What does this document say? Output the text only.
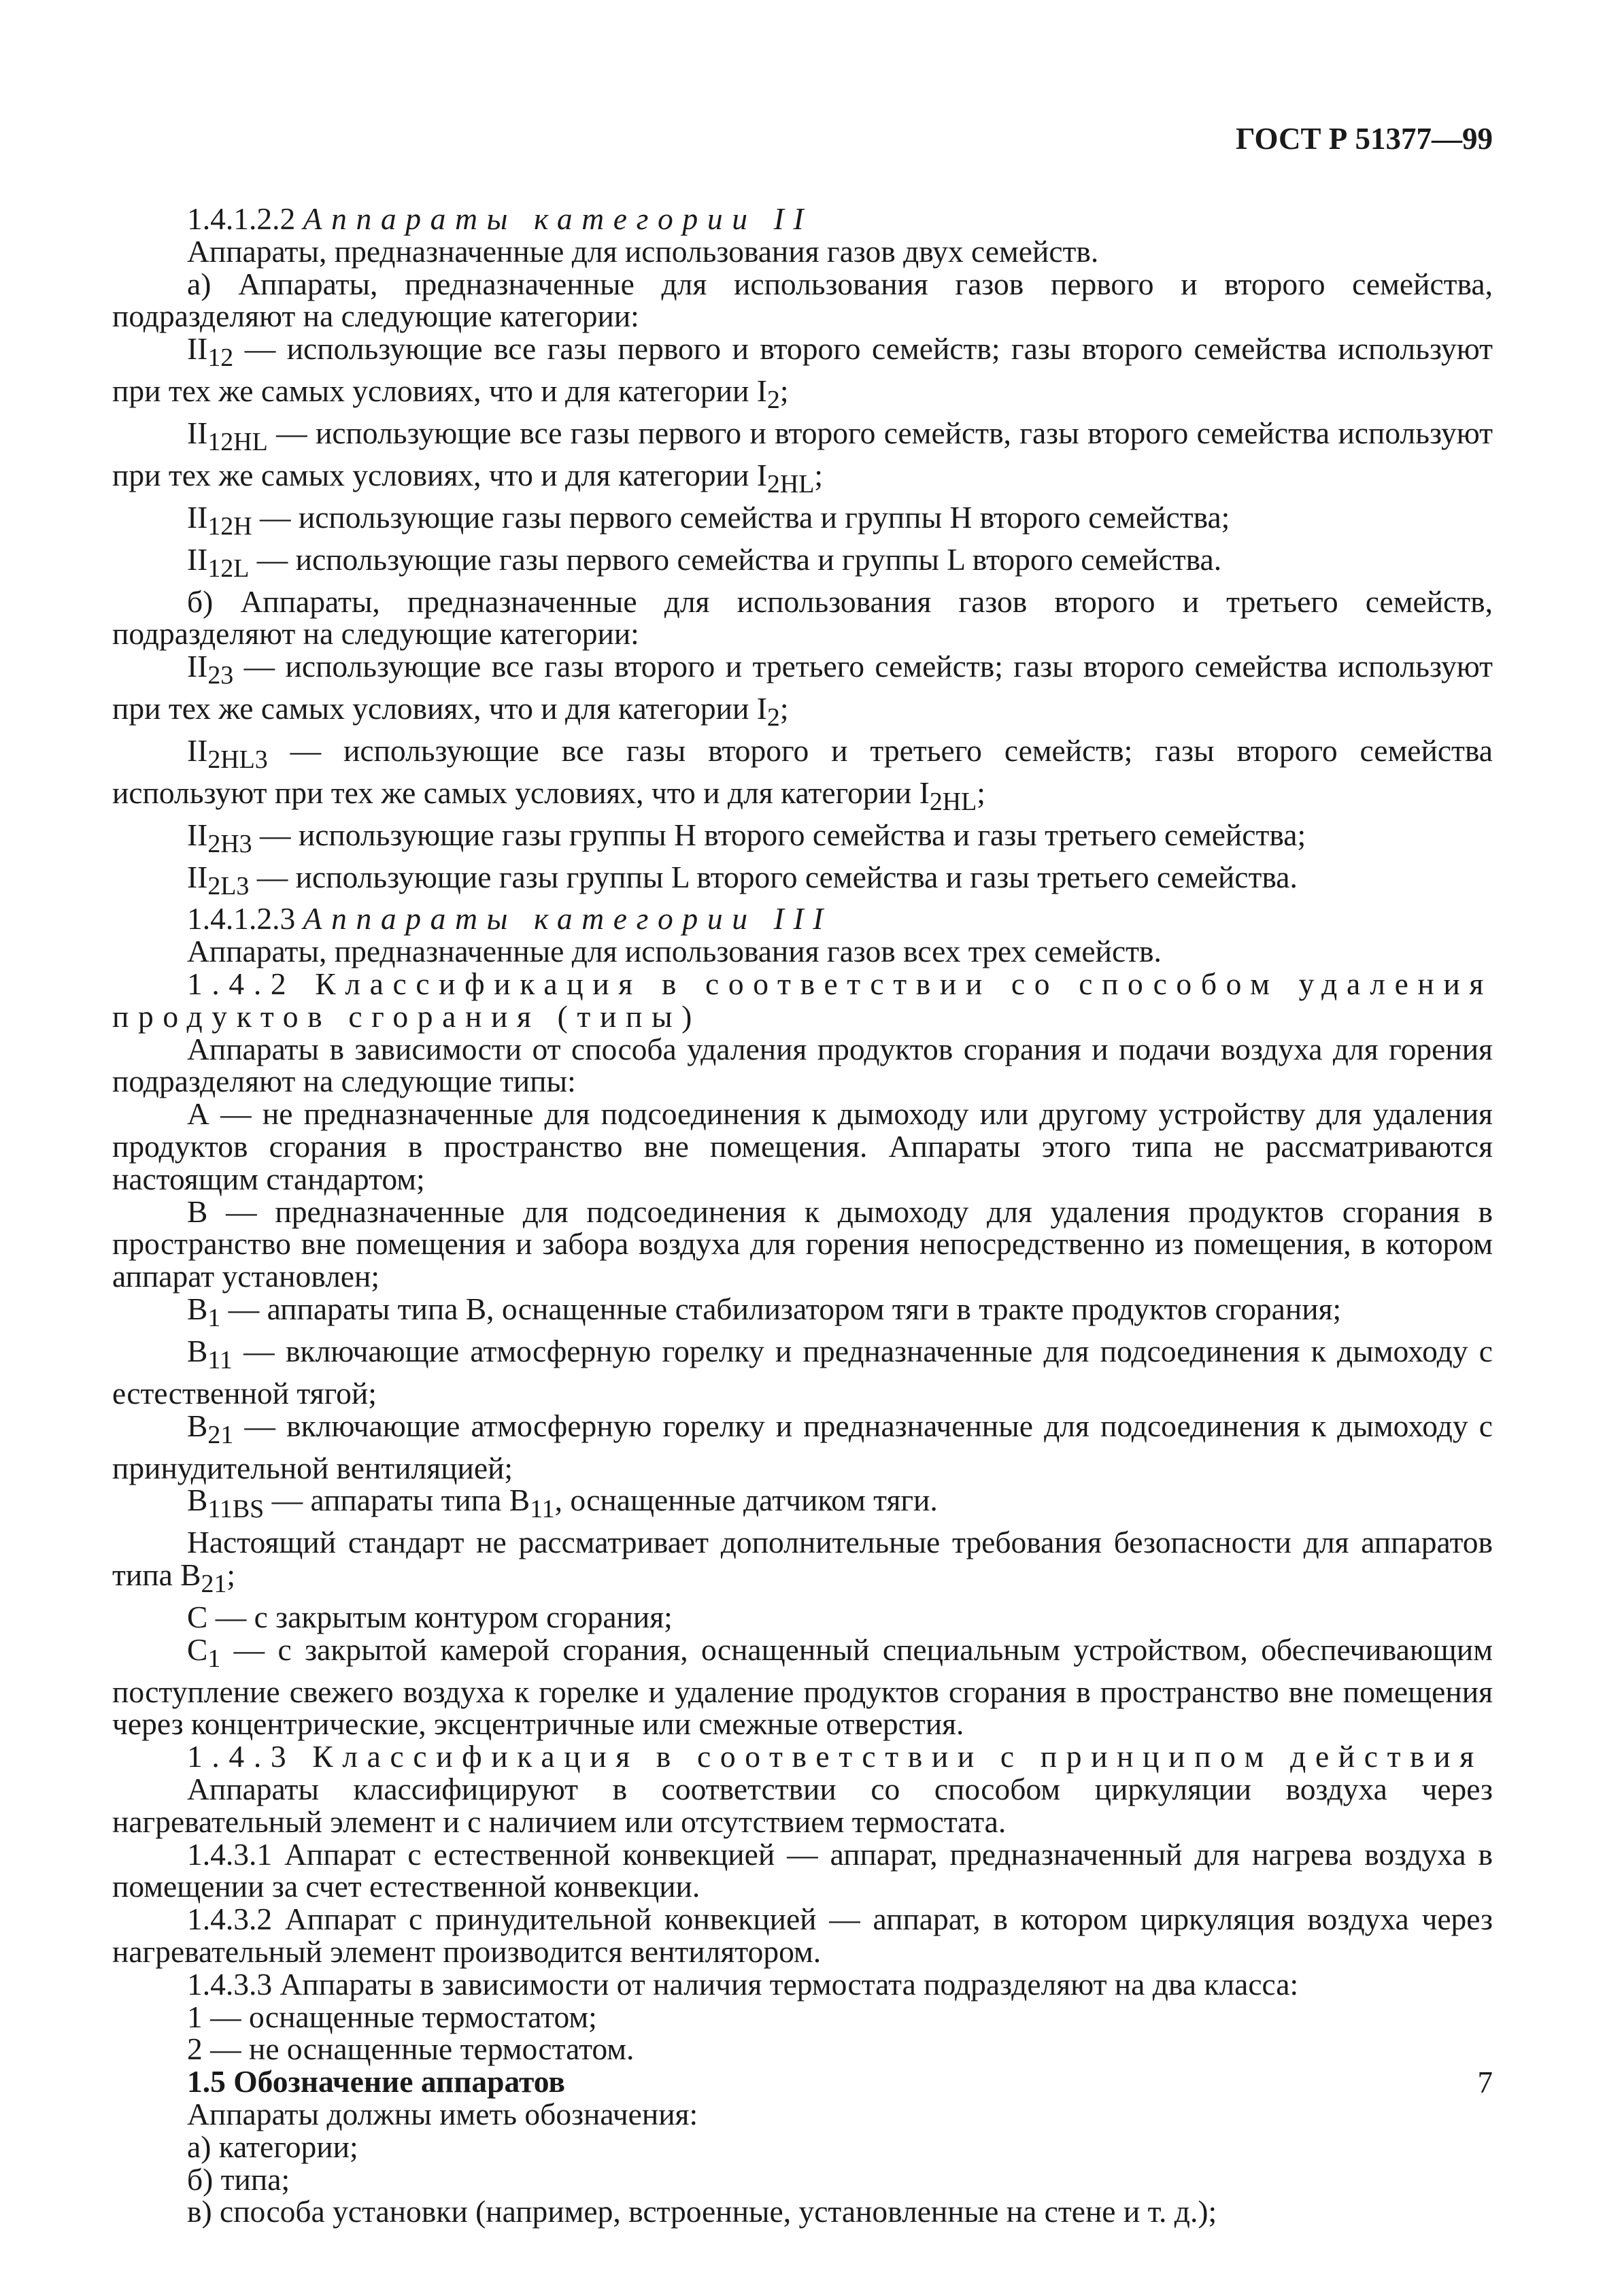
ГОСТ Р 51377—99

1.4.1.2.2 Аппараты категории II

Аппараты, предназначенные для использования газов двух семейств.

а) Аппараты, предназначенные для использования газов первого и второго семейства, подразделяют на следующие категории:

$II_{12}$ — использующие все газы первого и второго семейств; газы второго семейства используют при тех же самых условиях, что и для категории $I_2$;

$II_{12HL}$ — использующие все газы первого и второго семейств, газы второго семейства используют при тех же самых условиях, что и для категории $I_{2HL}$;

$II_{12H}$ — использующие газы первого семейства и группы Н второго семейства;

$II_{12L}$ — использующие газы первого семейства и группы L второго семейства.

б) Аппараты, предназначенные для использования газов второго и третьего семейств, подразделяют на следующие категории:

$II_{23}$ — использующие все газы второго и третьего семейств; газы второго семейства используют при тех же самых условиях, что и для категории $I_2$;

$II_{2HL3}$ — использующие все газы второго и третьего семейств; газы второго семейства используют при тех же самых условиях, что и для категории $I_{2HL}$;

$II_{2H3}$ — использующие газы группы Н второго семейства и газы третьего семейства;

$II_{2L3}$ — использующие газы группы L второго семейства и газы третьего семейства.

1.4.1.2.3 Аппараты категории III

Аппараты, предназначенные для использования газов всех трех семейств.

1.4.2 Классификация в соответствии со способом удаления продуктов сгорания (типы)

Аппараты в зависимости от способа удаления продуктов сгорания и подачи воздуха для горения подразделяют на следующие типы:

А — не предназначенные для подсоединения к дымоходу или другому устройству для удаления продуктов сгорания в пространство вне помещения. Аппараты этого типа не рассматриваются настоящим стандартом;

В — предназначенные для подсоединения к дымоходу для удаления продуктов сгорания в пространство вне помещения и забора воздуха для горения непосредственно из помещения, в котором аппарат установлен;

$В_1$ — аппараты типа В, оснащенные стабилизатором тяги в тракте продуктов сгорания;

$В_{11}$ — включающие атмосферную горелку и предназначенные для подсоединения к дымоходу с естественной тягой;

$В_{21}$ — включающие атмосферную горелку и предназначенные для подсоединения к дымоходу с принудительной вентиляцией;

$В_{11BS}$ — аппараты типа $В_{11}$, оснащенные датчиком тяги.

Настоящий стандарт не рассматривает дополнительные требования безопасности для аппаратов типа $В_{21}$;

С — с закрытым контуром сгорания;

$С_1$ — с закрытой камерой сгорания, оснащенный специальным устройством, обеспечивающим поступление свежего воздуха к горелке и удаление продуктов сгорания в пространство вне помещения через концентрические, эксцентричные или смежные отверстия.

1.4.3 Классификация в соответствии с принципом действия

Аппараты классифицируют в соответствии со способом циркуляции воздуха через нагревательный элемент и с наличием или отсутствием термостата.

1.4.3.1 Аппарат с естественной конвекцией — аппарат, предназначенный для нагрева воздуха в помещении за счет естественной конвекции.

1.4.3.2 Аппарат с принудительной конвекцией — аппарат, в котором циркуляция воздуха через нагревательный элемент производится вентилятором.

1.4.3.3 Аппараты в зависимости от наличия термостата подразделяют на два класса:

1 — оснащенные термостатом;

2 — не оснащенные термостатом.

1.5 Обозначение аппаратов

Аппараты должны иметь обозначения:

а) категории;

б) типа;

в) способа установки (например, встроенные, установленные на стене и т. д.);

7
